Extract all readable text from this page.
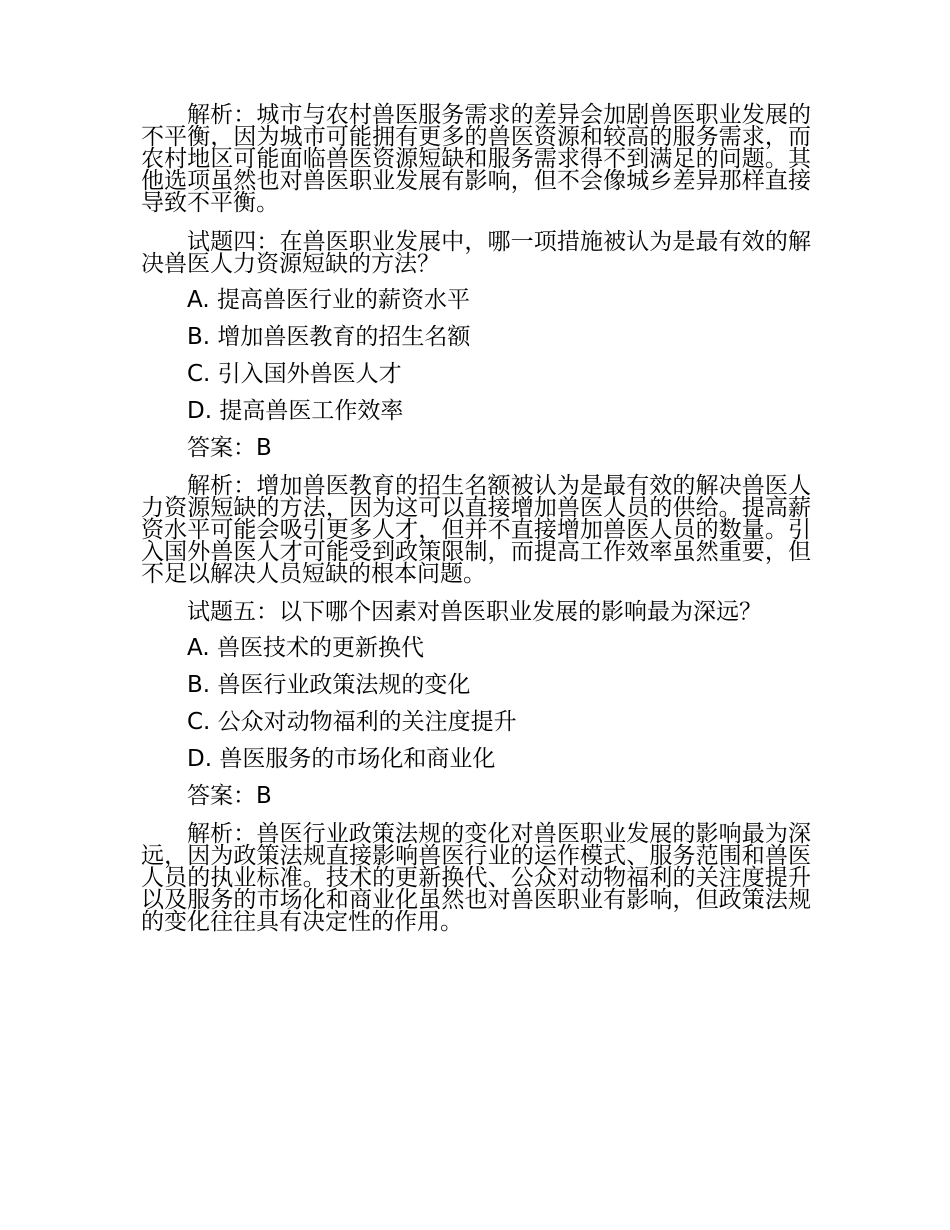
解析：城市与农村兽医服务需求的差异会加剧兽医职业发展的不平衡，因为城市可能拥有更多的兽医资源和较高的服务需求，而农村地区可能面临兽医资源短缺和服务需求得不到满足的问题。其他选项虽然也对兽医职业发展有影响，但不会像城乡差异那样直接导致不平衡。

试题四：在兽医职业发展中，哪一项措施被认为是最有效的解决兽医人力资源短缺的方法？

A. 提高兽医行业的薪资水平

B. 增加兽医教育的招生名额

C. 引入国外兽医人才

D. 提高兽医工作效率

答案：B

解析：增加兽医教育的招生名额被认为是最有效的解决兽医人力资源短缺的方法，因为这可以直接增加兽医人员的供给。提高薪资水平可能会吸引更多人才，但并不直接增加兽医人员的数量。引入国外兽医人才可能受到政策限制，而提高工作效率虽然重要，但不足以解决人员短缺的根本问题。

试题五：以下哪个因素对兽医职业发展的影响最为深远？

A. 兽医技术的更新换代

B. 兽医行业政策法规的变化

C. 公众对动物福利的关注度提升

D. 兽医服务的市场化和商业化

答案：B

解析：兽医行业政策法规的变化对兽医职业发展的影响最为深远，因为政策法规直接影响兽医行业的运作模式、服务范围和兽医人员的执业标准。技术的更新换代、公众对动物福利的关注度提升以及服务的市场化和商业化虽然也对兽医职业有影响，但政策法规的变化往往具有决定性的作用。
